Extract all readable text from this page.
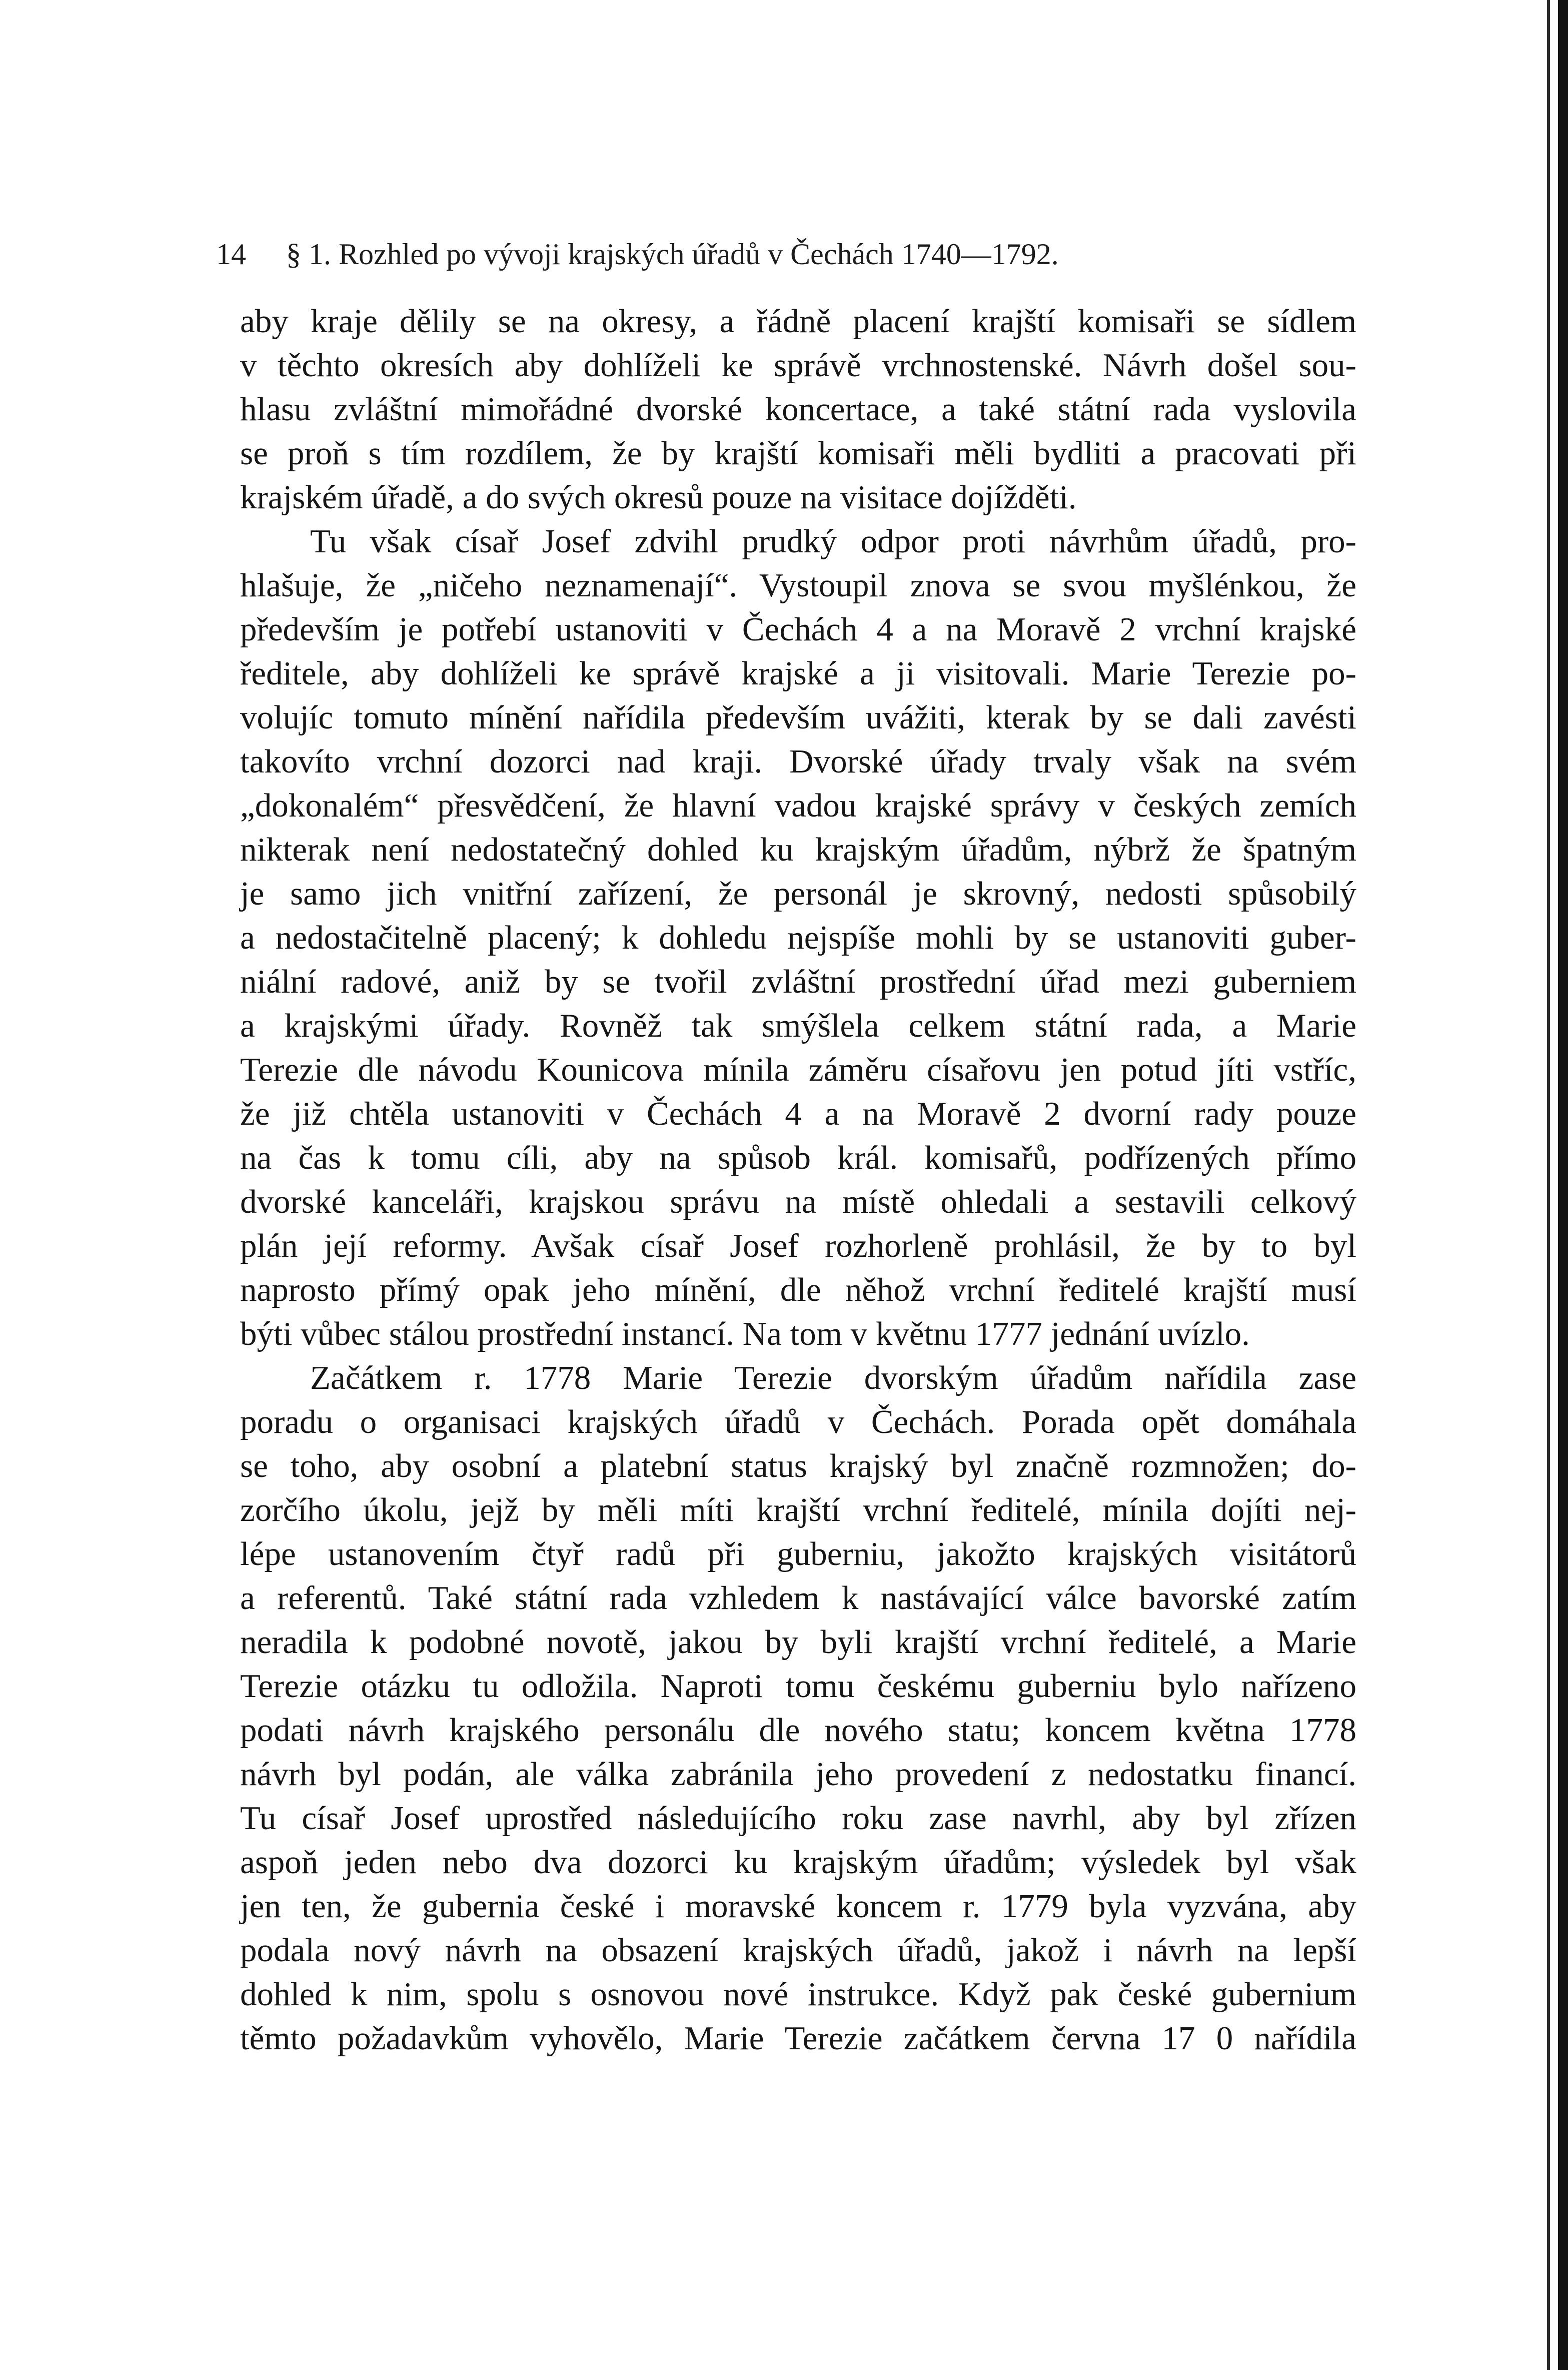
14 § 1. Rozhled po vývoji krajských úřadů v Čechách 1740—1792.
aby kraje dělily se na okresy, a řádně placení krajští komisaři se sídlem
v těchto okresích aby dohlíželi ke správě vrchnostenské. Návrh došel sou-
hlasu zvláštní mimořádné dvorské koncertace, a také státní rada vyslovila
se proň s tím rozdílem, že by krajští komisaři měli bydliti a pracovati při
krajském úřadě, a do svých okresů pouze na visitace dojížděti.
Tu však císař Josef zdvihl prudký odpor proti návrhům úřadů, pro-
hlašuje, že „ničeho neznamenají“. Vystoupil znova se svou myšlénkou, že
především je potřebí ustanoviti v Čechách 4 a na Moravě 2 vrchní krajské
ředitele, aby dohlíželi ke správě krajské a ji visitovali. Marie Terezie po-
volujíc tomuto mínění nařídila především uvážiti, kterak by se dali zavésti
takovíto vrchní dozorci nad kraji. Dvorské úřady trvaly však na svém
„dokonalém“ přesvědčení, že hlavní vadou krajské správy v českých zemích
nikterak není nedostatečný dohled ku krajským úřadům, nýbrž že špatným
je samo jich vnitřní zařízení, že personál je skrovný, nedosti spůsobilý
a nedostačitelně placený; k dohledu nejspíše mohli by se ustanoviti guber-
niální radové, aniž by se tvořil zvláštní prostřední úřad mezi guberniem
a krajskými úřady. Rovněž tak smýšlela celkem státní rada, a Marie
Terezie dle návodu Kounicova mínila záměru císařovu jen potud jíti vstříc,
že již chtěla ustanoviti v Čechách 4 a na Moravě 2 dvorní rady pouze
na čas k tomu cíli, aby na spůsob král. komisařů, podřízených přímo
dvorské kanceláři, krajskou správu na místě ohledali a sestavili celkový
plán její reformy. Avšak císař Josef rozhorleně prohlásil, že by to byl
naprosto přímý opak jeho mínění, dle něhož vrchní ředitelé krajští musí
býti vůbec stálou prostřední instancí. Na tom v květnu 1777 jednání uvízlo.
Začátkem r. 1778 Marie Terezie dvorským úřadům nařídila zase
poradu o organisaci krajských úřadů v Čechách. Porada opět domáhala
se toho, aby osobní a platební status krajský byl značně rozmnožen; do-
zorčího úkolu, jejž by měli míti krajští vrchní ředitelé, mínila dojíti nej-
lépe ustanovením čtyř radů při guberniu, jakožto krajských visitátorů
a referentů. Také státní rada vzhledem k nastávající válce bavorské zatím
neradila k podobné novotě, jakou by byli krajští vrchní ředitelé, a Marie
Terezie otázku tu odložila. Naproti tomu českému guberniu bylo nařízeno
podati návrh krajského personálu dle nového statu; koncem května 1778
návrh byl podán, ale válka zabránila jeho provedení z nedostatku financí.
Tu císař Josef uprostřed následujícího roku zase navrhl, aby byl zřízen
aspoň jeden nebo dva dozorci ku krajským úřadům; výsledek byl však
jen ten, že gubernia české i moravské koncem r. 1779 byla vyzvána, aby
podala nový návrh na obsazení krajských úřadů, jakož i návrh na lepší
dohled k nim, spolu s osnovou nové instrukce. Když pak české gubernium
těmto požadavkům vyhovělo, Marie Terezie začátkem června 17 0 nařídila
